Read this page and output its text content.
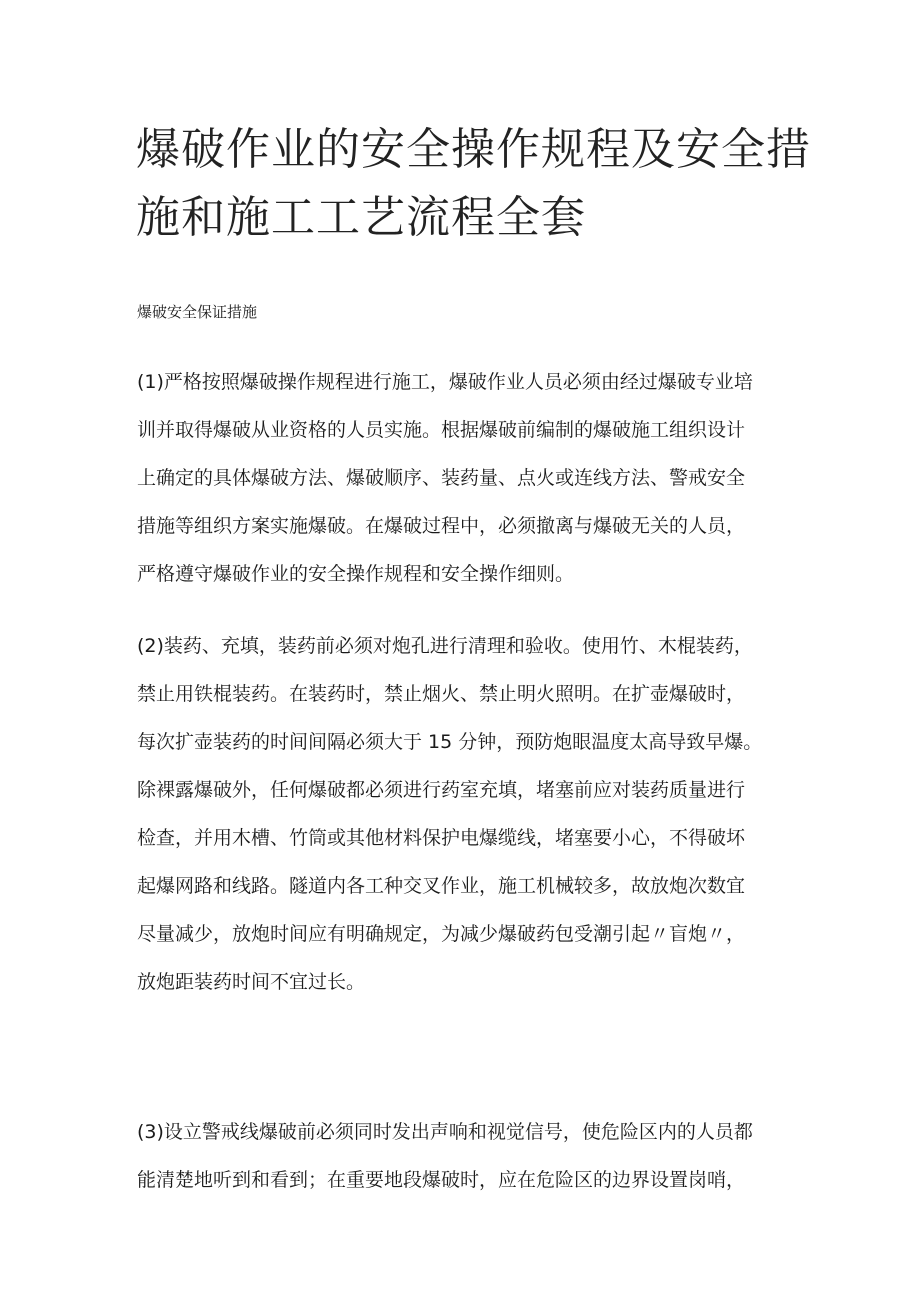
爆破作业的安全操作规程及安全措
施和施工工艺流程全套

爆破安全保证措施

(1)严格按照爆破操作规程进行施工，爆破作业人员必须由经过爆破专业培
训并取得爆破从业资格的人员实施。根据爆破前编制的爆破施工组织设计
上确定的具体爆破方法、爆破顺序、装药量、点火或连线方法、警戒安全
措施等组织方案实施爆破。在爆破过程中，必须撤离与爆破无关的人员，
严格遵守爆破作业的安全操作规程和安全操作细则。

(2)装药、充填，装药前必须对炮孔进行清理和验收。使用竹、木棍装药，
禁止用铁棍装药。在装药时，禁止烟火、禁止明火照明。在扩壶爆破时，
每次扩壶装药的时间间隔必须大于 15 分钟，预防炮眼温度太高导致早爆。
除裸露爆破外，任何爆破都必须进行药室充填，堵塞前应对装药质量进行
检查，并用木槽、竹筒或其他材料保护电爆缆线，堵塞要小心，不得破坏
起爆网路和线路。隧道内各工种交叉作业，施工机械较多，故放炮次数宜
尽量减少，放炮时间应有明确规定，为减少爆破药包受潮引起〃盲炮〃，
放炮距装药时间不宜过长。

(3)设立警戒线爆破前必须同时发出声响和视觉信号，使危险区内的人员都
能清楚地听到和看到；在重要地段爆破时，应在危险区的边界设置岗哨，
